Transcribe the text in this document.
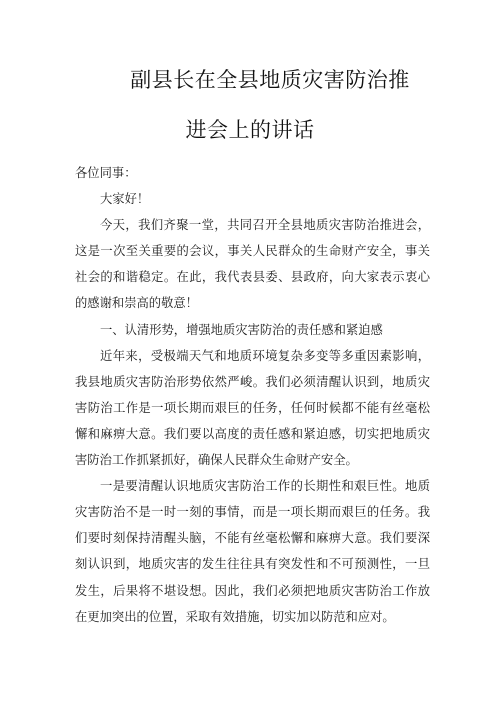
副县长在全县地质灾害防治推
进会上的讲话

各位同事：

大家好！

今天，我们齐聚一堂，共同召开全县地质灾害防治推进会，这是一次至关重要的会议，事关人民群众的生命财产安全，事关社会的和谐稳定。在此，我代表县委、县政府，向大家表示衷心的感谢和崇高的敬意！

一、认清形势，增强地质灾害防治的责任感和紧迫感

近年来，受极端天气和地质环境复杂多变等多重因素影响，我县地质灾害防治形势依然严峻。我们必须清醒认识到，地质灾害防治工作是一项长期而艰巨的任务，任何时候都不能有丝毫松懈和麻痹大意。我们要以高度的责任感和紧迫感，切实把地质灾害防治工作抓紧抓好，确保人民群众生命财产安全。

一是要清醒认识地质灾害防治工作的长期性和艰巨性。地质灾害防治不是一时一刻的事情，而是一项长期而艰巨的任务。我们要时刻保持清醒头脑，不能有丝毫松懈和麻痹大意。我们要深刻认识到，地质灾害的发生往往具有突发性和不可预测性，一旦发生，后果将不堪设想。因此，我们必须把地质灾害防治工作放在更加突出的位置，采取有效措施，切实加以防范和应对。
